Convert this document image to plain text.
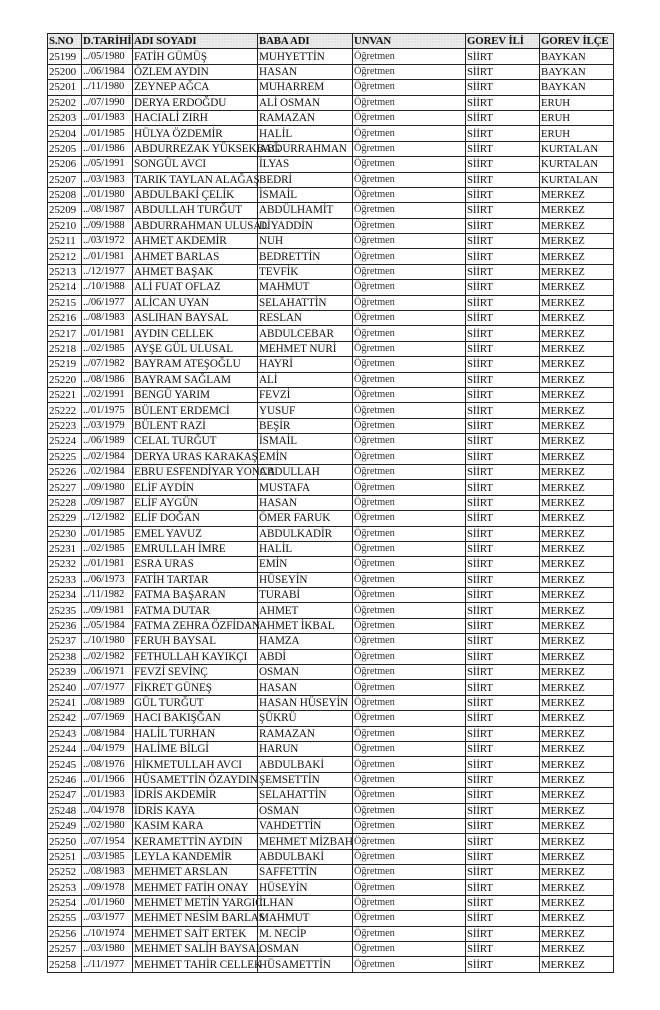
S.NO	D.TARİHİ	ADI SOYADI	BABA ADI	UNVAN	GOREV İLİ	GOREV İLÇE
25199	../05/1980	FATİH GÜMÜŞ	MUHYETTİN	Öğretmen	SİİRT	BAYKAN
25200	../06/1984	ÖZLEM AYDIN	HASAN	Öğretmen	SİİRT	BAYKAN
25201	../11/1980	ZEYNEP AĞCA	MUHARREM	Öğretmen	SİİRT	BAYKAN
25202	../07/1990	DERYA ERDOĞDU	ALİ OSMAN	Öğretmen	SİİRT	ERUH
25203	../01/1983	HACIALİ ZIRH	RAMAZAN	Öğretmen	SİİRT	ERUH
25204	../01/1985	HÜLYA ÖZDEMİR	HALİL	Öğretmen	SİİRT	ERUH
25205	../01/1986	ABDURREZAK YÜKSEKBAĞ	ABDURRAHMAN	Öğretmen	SİİRT	KURTALAN
25206	../05/1991	SONGÜL AVCI	İLYAS	Öğretmen	SİİRT	KURTALAN
25207	../03/1983	TARIK TAYLAN ALAĞAŞ	BEDRİ	Öğretmen	SİİRT	KURTALAN
25208	../01/1980	ABDULBAKİ ÇELİK	İSMAİL	Öğretmen	SİİRT	MERKEZ
25209	../08/1987	ABDULLAH TURĞUT	ABDÜLHAMİT	Öğretmen	SİİRT	MERKEZ
25210	../09/1988	ABDURRAHMAN ULUSAL	DİYADDİN	Öğretmen	SİİRT	MERKEZ
25211	../03/1972	AHMET AKDEMİR	NUH	Öğretmen	SİİRT	MERKEZ
25212	../01/1981	AHMET BARLAS	BEDRETTİN	Öğretmen	SİİRT	MERKEZ
25213	../12/1977	AHMET BAŞAK	TEVFİK	Öğretmen	SİİRT	MERKEZ
25214	../10/1988	ALİ FUAT OFLAZ	MAHMUT	Öğretmen	SİİRT	MERKEZ
25215	../06/1977	ALİCAN UYAN	SELAHATTİN	Öğretmen	SİİRT	MERKEZ
25216	../08/1983	ASLIHAN BAYSAL	RESLAN	Öğretmen	SİİRT	MERKEZ
25217	../01/1981	AYDIN CELLEK	ABDULCEBAR	Öğretmen	SİİRT	MERKEZ
25218	../02/1985	AYŞE GÜL ULUSAL	MEHMET NURİ	Öğretmen	SİİRT	MERKEZ
25219	../07/1982	BAYRAM ATEŞOĞLU	HAYRİ	Öğretmen	SİİRT	MERKEZ
25220	../08/1986	BAYRAM SAĞLAM	ALİ	Öğretmen	SİİRT	MERKEZ
25221	../02/1991	BENGÜ YARIM	FEVZİ	Öğretmen	SİİRT	MERKEZ
25222	../01/1975	BÜLENT ERDEMCİ	YUSUF	Öğretmen	SİİRT	MERKEZ
25223	../03/1979	BÜLENT RAZİ	BEŞİR	Öğretmen	SİİRT	MERKEZ
25224	../06/1989	CELAL TURĞUT	İSMAİL	Öğretmen	SİİRT	MERKEZ
25225	../02/1984	DERYA URAS KARAKAŞ	EMİN	Öğretmen	SİİRT	MERKEZ
25226	../02/1984	EBRU ESFENDİYAR YONCA	ABDULLAH	Öğretmen	SİİRT	MERKEZ
25227	../09/1980	ELİF AYDİN	MUSTAFA	Öğretmen	SİİRT	MERKEZ
25228	../09/1987	ELİF AYGÜN	HASAN	Öğretmen	SİİRT	MERKEZ
25229	../12/1982	ELİF DOĞAN	ÖMER FARUK	Öğretmen	SİİRT	MERKEZ
25230	../01/1985	EMEL YAVUZ	ABDULKADİR	Öğretmen	SİİRT	MERKEZ
25231	../02/1985	EMRULLAH İMRE	HALİL	Öğretmen	SİİRT	MERKEZ
25232	../01/1981	ESRA URAS	EMİN	Öğretmen	SİİRT	MERKEZ
25233	../06/1973	FATİH TARTAR	HÜSEYİN	Öğretmen	SİİRT	MERKEZ
25234	../11/1982	FATMA BAŞARAN	TURABİ	Öğretmen	SİİRT	MERKEZ
25235	../09/1981	FATMA DUTAR	AHMET	Öğretmen	SİİRT	MERKEZ
25236	../05/1984	FATMA ZEHRA ÖZFİDAN	AHMET İKBAL	Öğretmen	SİİRT	MERKEZ
25237	../10/1980	FERUH BAYSAL	HAMZA	Öğretmen	SİİRT	MERKEZ
25238	../02/1982	FETHULLAH KAYIKÇI	ABDİ	Öğretmen	SİİRT	MERKEZ
25239	../06/1971	FEVZİ SEVİNÇ	OSMAN	Öğretmen	SİİRT	MERKEZ
25240	../07/1977	FİKRET GÜNEŞ	HASAN	Öğretmen	SİİRT	MERKEZ
25241	../08/1989	GÜL TURĞUT	HASAN HÜSEYİN	Öğretmen	SİİRT	MERKEZ
25242	../07/1969	HACI BAKIŞĞAN	ŞÜKRÜ	Öğretmen	SİİRT	MERKEZ
25243	../08/1984	HALİL TURHAN	RAMAZAN	Öğretmen	SİİRT	MERKEZ
25244	../04/1979	HALİME BİLGİ	HARUN	Öğretmen	SİİRT	MERKEZ
25245	../08/1976	HİKMETULLAH AVCI	ABDULBAKİ	Öğretmen	SİİRT	MERKEZ
25246	../01/1966	HÜSAMETTİN ÖZAYDIN	ŞEMSETTİN	Öğretmen	SİİRT	MERKEZ
25247	../01/1983	İDRİS AKDEMİR	SELAHATTİN	Öğretmen	SİİRT	MERKEZ
25248	../04/1978	İDRİS KAYA	OSMAN	Öğretmen	SİİRT	MERKEZ
25249	../02/1980	KASIM KARA	VAHDETTİN	Öğretmen	SİİRT	MERKEZ
25250	../07/1954	KERAMETTİN AYDIN	MEHMET MİZBAH	Öğretmen	SİİRT	MERKEZ
25251	../03/1985	LEYLA KANDEMİR	ABDULBAKİ	Öğretmen	SİİRT	MERKEZ
25252	../08/1983	MEHMET ARSLAN	SAFFETTİN	Öğretmen	SİİRT	MERKEZ
25253	../09/1978	MEHMET FATİH ONAY	HÜSEYİN	Öğretmen	SİİRT	MERKEZ
25254	../01/1960	MEHMET METİN YARGICI	İLHAN	Öğretmen	SİİRT	MERKEZ
25255	../03/1977	MEHMET NESİM BARLAS	MAHMUT	Öğretmen	SİİRT	MERKEZ
25256	../10/1974	MEHMET SAİT ERTEK	M. NECİP	Öğretmen	SİİRT	MERKEZ
25257	../03/1980	MEHMET SALİH BAYSAL	OSMAN	Öğretmen	SİİRT	MERKEZ
25258	../11/1977	MEHMET TAHİR CELLEK	HÜSAMETTİN	Öğretmen	SİİRT	MERKEZ
